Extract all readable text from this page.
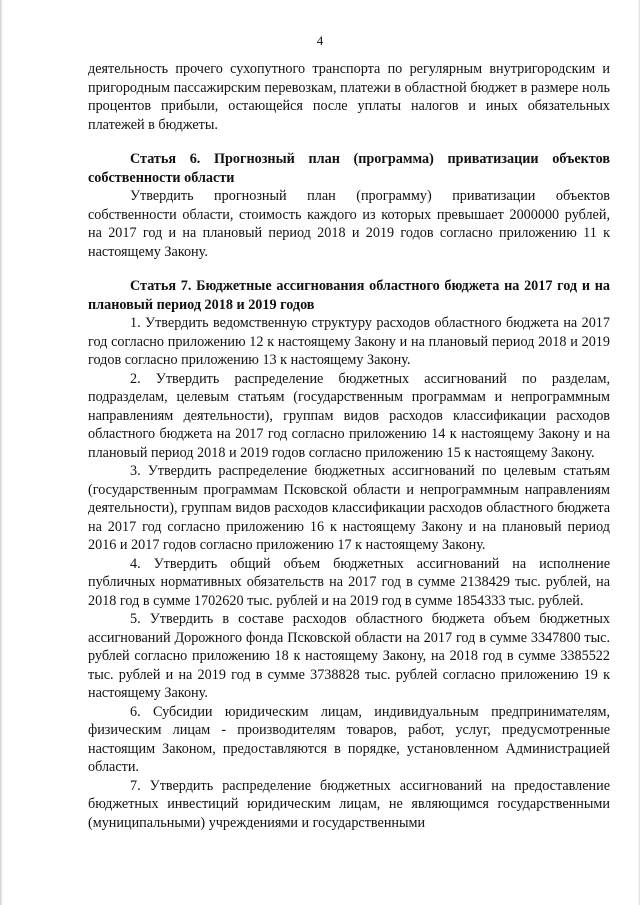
4

деятельность прочего сухопутного транспорта по регулярным внутригородским и пригородным пассажирским перевозкам, платежи в областной бюджет в размере ноль процентов прибыли, остающейся после уплаты налогов и иных обязательных платежей в бюджеты.

Статья 6. Прогнозный план (программа) приватизации объектов собственности области

Утвердить прогнозный план (программу) приватизации объектов собственности области, стоимость каждого из которых превышает 2000000 рублей, на 2017 год и на плановый период 2018 и 2019 годов согласно приложению 11 к настоящему Закону.

Статья 7. Бюджетные ассигнования областного бюджета на 2017 год и на плановый период 2018 и 2019 годов

1. Утвердить ведомственную структуру расходов областного бюджета на 2017 год согласно приложению 12 к настоящему Закону и на плановый период 2018 и 2019 годов согласно приложению 13 к настоящему Закону.

2. Утвердить распределение бюджетных ассигнований по разделам, подразделам, целевым статьям (государственным программам и непрограммным направлениям деятельности), группам видов расходов классификации расходов областного бюджета на 2017 год согласно приложению 14 к настоящему Закону и на плановый период 2018 и 2019 годов согласно приложению 15 к настоящему Закону.

3. Утвердить распределение бюджетных ассигнований по целевым статьям (государственным программам Псковской области и непрограммным направлениям деятельности), группам видов расходов классификации расходов областного бюджета на 2017 год согласно приложению 16 к настоящему Закону и на плановый период 2016 и 2017 годов согласно приложению 17 к настоящему Закону.

4. Утвердить общий объем бюджетных ассигнований на исполнение публичных нормативных обязательств на 2017 год в сумме 2138429 тыс. рублей, на 2018 год в сумме 1702620 тыс. рублей и на 2019 год в сумме 1854333 тыс. рублей.

5. Утвердить в составе расходов областного бюджета объем бюджетных ассигнований Дорожного фонда Псковской области на 2017 год в сумме 3347800 тыс. рублей согласно приложению 18 к настоящему Закону, на 2018 год в сумме 3385522 тыс. рублей и на 2019 год в сумме 3738828 тыс. рублей согласно приложению 19 к настоящему Закону.

6. Субсидии юридическим лицам, индивидуальным предпринимателям, физическим лицам - производителям товаров, работ, услуг, предусмотренные настоящим Законом, предоставляются в порядке, установленном Администрацией области.

7. Утвердить распределение бюджетных ассигнований на предоставление бюджетных инвестиций юридическим лицам, не являющимся государственными (муниципальными) учреждениями и государственными
